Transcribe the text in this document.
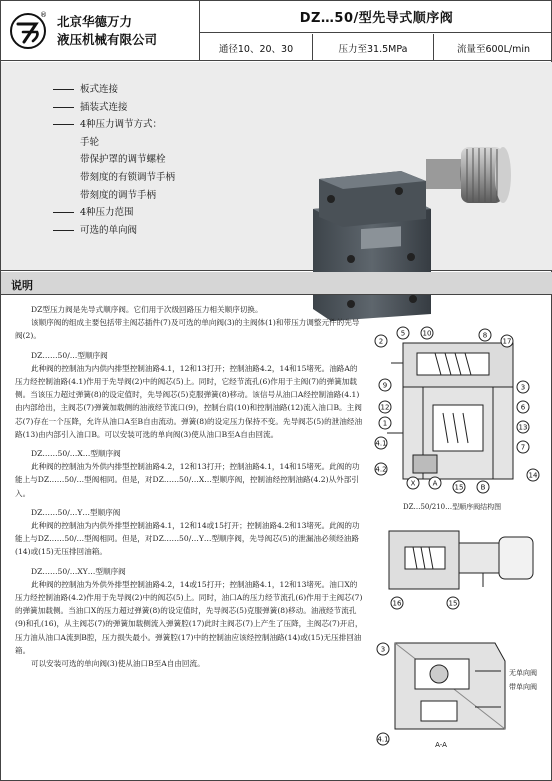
® 北京华德万力
液压机械有限公司
DZ…50/型先导式顺序阀
通径10、20、30	压力至31.5MPa	流量至600L/min
板式连接
插装式连接
4种压力调节方式：
手轮
带保护罩的调节螺栓
带刻度的有锁调节手柄
带刻度的调节手柄
4种压力范围
可选的单向阀
说明

DZ型压力阀是先导式顺序阀。它们用于次级回路压力相关顺序切换。

该顺序阀的组成主要包括带主阀芯插件(7)及可选的单向阀(3)的主阀体(1)和带压力调整元件的先导阀(2)。

DZ……50/…型顺序阀

此种阀的控制油为内供内排型控制油路4.1，12和13打开；控制油路4.2，14和15堵死。油路A的压力经控制油路(4.1)作用于先导阀(2)中的阀芯(5)上。同时，它经节流孔(6)作用于主阀(7)的弹簧加载侧。当该压力超过弹簧(8)的设定值时，先导阀芯(5)克服弹簧(8)移动。该信号从油口A经控制油路(4.1)由内部给出，主阀芯(7)弹簧加载侧的油液经节流口(9)，控制台肩(10)和控制油路(12)流入油口B。主阀芯(7)存在一个压降，允许从油口A至B自由流动。弹簧(8)的设定压力保持不变。先导阀芯(5)的泄油经油路(13)由内部引入油口B。可以安装可选的单向阀(3)使从油口B至A自由回流。

DZ……50/…X…型顺序阀

此种阀的控制油为外供内排型控制油路4.2，12和13打开；控制油路4.1，14和15堵死。此阀的功能上与DZ……50/…型阀相同。但是，对DZ……50/…X…型顺序阀，控制油经控制油路(4.2)从外部引入。

DZ……50/…Y…型顺序阀

此种阀的控制油为内供外排型控制油路4.1，12和14或15打开；控制油路4.2和13堵死。此阀的功能上与DZ……50/…型阀相同。但是，对DZ……50/…Y…型顺序阀，先导阀芯(5)的泄漏油必须经油路(14)或(15)无压排回油箱。

DZ……50/…XY…型顺序阀

此种阀的控制油为外供外排型控制油路4.2，14或15打开；控制油路4.1，12和13堵死。油口X的压力经控制油路(4.2)作用于先导阀(2)中的阀芯(5)上。同时，油口A的压力经节流孔(6)作用于主阀芯(7)的弹簧加载侧。当油口X的压力超过弹簧(8)的设定值时，先导阀芯(5)克服弹簧(8)移动。油液经节流孔(9)和孔(16)，从主阀芯(7)的弹簧加载侧流入弹簧腔(17)此时主阀芯(7)上产生了压降，主阀芯(7)开启，压力油从油口A流到B腔，压力损失最小。弹簧腔(17)中的控制油应该经控制油路(14)或(15)无压排回油箱。

可以安装可选的单向阀(3)使从油口B至A自由回流。

2
5 10	8
17
9
12
1
3
6
4.1
4.2
13
7
14
X A	B
15
DZ…50/210…型顺序阀结构图
16	15
3
4.1
A-A
无单向阀
带单向阀
